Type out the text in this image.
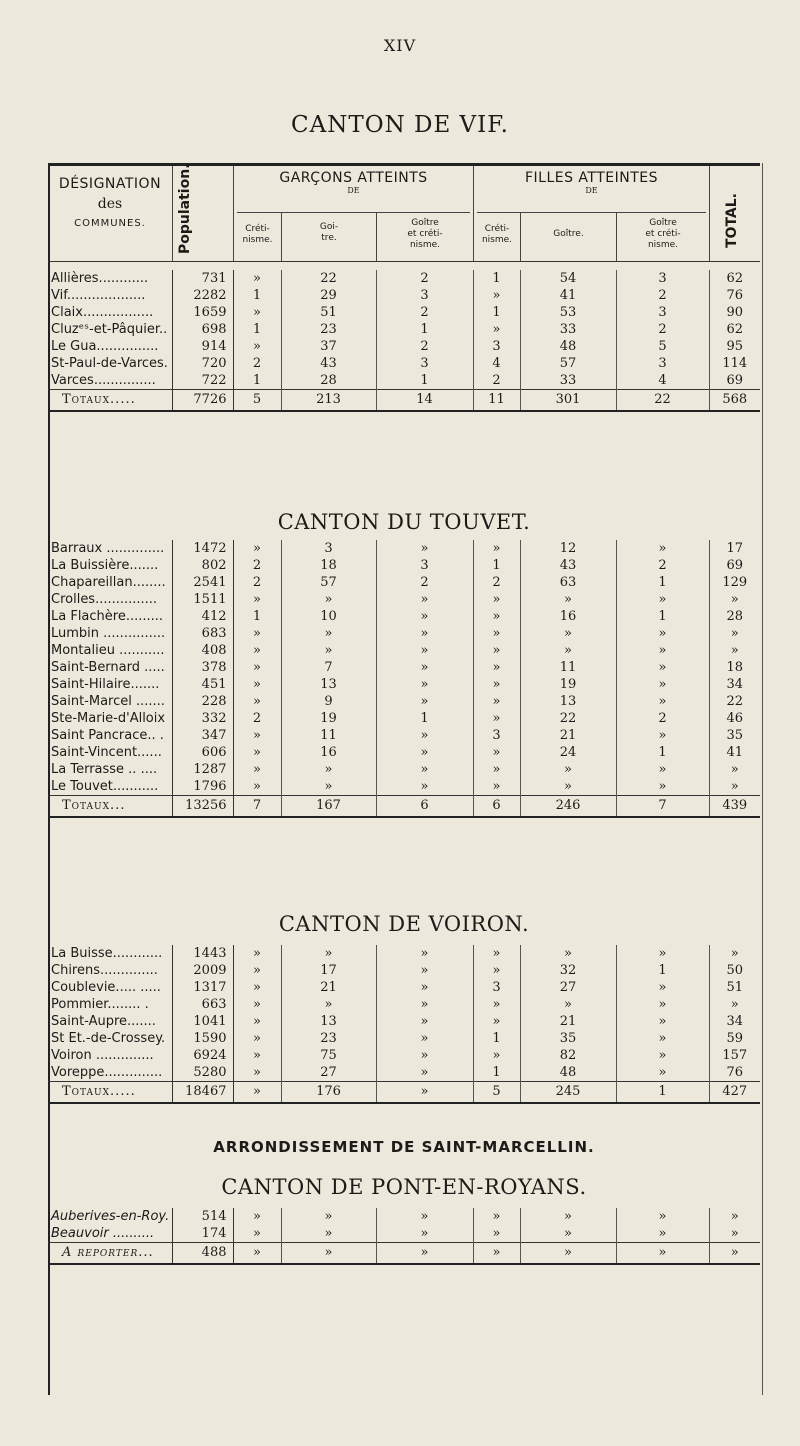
XIV
CANTON DE VIF.
DÉSIGNATION
des
COMMUNES.	Population.	GARÇONS ATTEINTS
DE
FILLES ATTEINTES
DE
TOTAL.
Créti-
nisme.
Goi-
tre.
Goître
et créti-
nisme.
Créti-
nisme.
Goître.
Goître
et créti-
nisme.
Allières............	731	»	22	2	1	54	3	62
Vif...................	2282	1	29	3	»	41	2	76
Claix.................	1659	»	51	2	1	53	3	90
Cluzᵉˢ-et-Pâquier..	698	1	23	1	»	33	2	62
Le Gua...............	914	»	37	2	3	48	5	95
St-Paul-de-Varces.	720	2	43	3	4	57	3	114
Varces...............	722	1	28	1	2	33	4	69
Totaux.....	7726	5	213	14	11	301	22	568
CANTON DU TOUVET.
Barraux ..............	1472	»	3	»	»	12	»	17
La Buissière.......	802	2	18	3	1	43	2	69
Chapareillan........	2541	2	57	2	2	63	1	129
Crolles...............	1511	»	»	»	»	»	»	»
La Flachère.........	412	1	10	»	»	16	1	28
Lumbin ...............	683	»	»	»	»	»	»	»
Montalieu ...........	408	»	»	»	»	»	»	»
Saint-Bernard .....	378	»	7	»	»	11	»	18
Saint-Hilaire.......	451	»	13	»	»	19	»	34
Saint-Marcel .......	228	»	9	»	»	13	»	22
Ste-Marie-d'Alloix	332	2	19	1	»	22	2	46
Saint Pancrace.. .	347	»	11	»	3	21	»	35
Saint-Vincent......	606	»	16	»	»	24	1	41
La Terrasse .. ....	1287	»	»	»	»	»	»	»
Le Touvet...........	1796	»	»	»	»	»	»	»
Totaux...	13256	7	167	6	6	246	7	439
CANTON DE VOIRON.
La Buisse............	1443	»	»	»	»	»	»	»
Chirens..............	2009	»	17	»	»	32	1	50
Coublevie..... .....	1317	»	21	»	3	27	»	51
Pommier........ .	663	»	»	»	»	»	»	»
Saint-Aupre.......	1041	»	13	»	»	21	»	34
St Et.-de-Crossey.	1590	»	23	»	1	35	»	59
Voiron ..............	6924	»	75	»	»	82	»	157
Voreppe..............	5280	»	27	»	1	48	»	76
Totaux.....	18467	»	176	»	5	245	1	427
ARRONDISSEMENT DE SAINT-MARCELLIN.
CANTON DE PONT-EN-ROYANS.
Auberives-en-Roy.	514	»	»	»	»	»	»	»
Beauvoir ..........	174	»	»	»	»	»	»	»
A reporter...	488	»	»	»	»	»	»	»
